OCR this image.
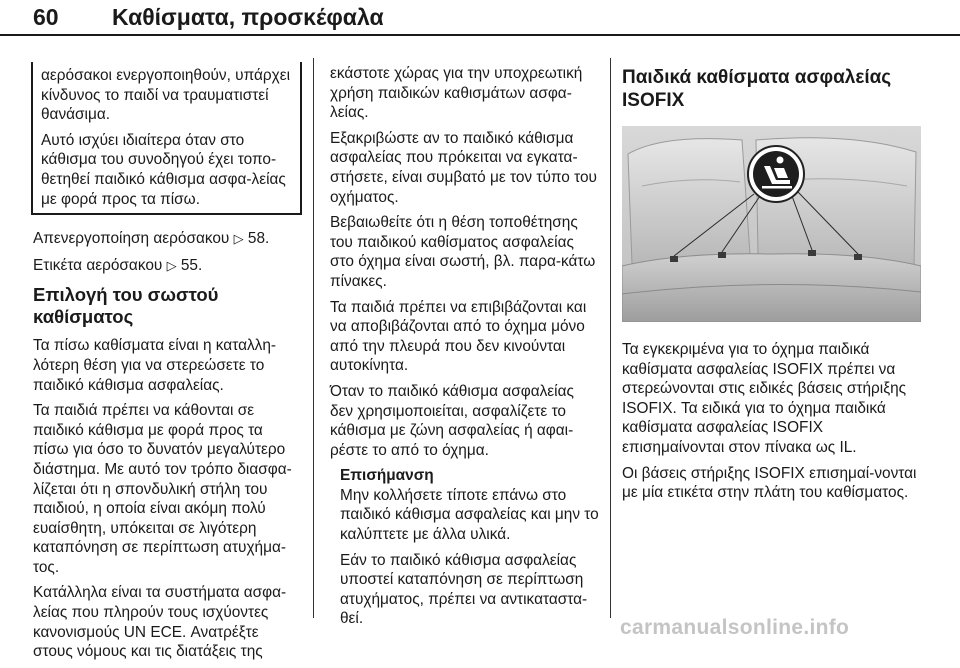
60 Καθίσματα, προσκέφαλα

αερόσακοι ενεργοποιηθούν, υπάρχει κίνδυνος το παιδί να τραυματιστεί θανάσιμα.

Αυτό ισχύει ιδιαίτερα όταν στο κάθισμα του συνοδηγού έχει τοπο-θετηθεί παιδικό κάθισμα ασφα-λείας με φορά προς τα πίσω.

Απενεργοποίηση αερόσακου ▷ 58.

Ετικέτα αερόσακου ▷ 55.

Επιλογή του σωστού καθίσματος

Τα πίσω καθίσματα είναι η καταλλη-λότερη θέση για να στερεώσετε το παιδικό κάθισμα ασφαλείας.

Τα παιδιά πρέπει να κάθονται σε παιδικό κάθισμα με φορά προς τα πίσω για όσο το δυνατόν μεγαλύτερο διάστημα. Με αυτό τον τρόπο διασφα-λίζεται ότι η σπονδυλική στήλη του παιδιού, η οποία είναι ακόμη πολύ ευαίσθητη, υπόκειται σε λιγότερη καταπόνηση σε περίπτωση ατυχήμα-τος.

Κατάλληλα είναι τα συστήματα ασφα-λείας που πληρούν τους ισχύοντες κανονισμούς UN ECE. Ανατρέξτε στους νόμους και τις διατάξεις της

εκάστοτε χώρας για την υποχρεωτική χρήση παιδικών καθισμάτων ασφα-λείας.

Εξακριβώστε αν το παιδικό κάθισμα ασφαλείας που πρόκειται να εγκατα-στήσετε, είναι συμβατό με τον τύπο του οχήματος.

Βεβαιωθείτε ότι η θέση τοποθέτησης του παιδικού καθίσματος ασφαλείας στο όχημα είναι σωστή, βλ. παρα-κάτω πίνακες.

Τα παιδιά πρέπει να επιβιβάζονται και να αποβιβάζονται από το όχημα μόνο από την πλευρά που δεν κινούνται αυτοκίνητα.

Όταν το παιδικό κάθισμα ασφαλείας δεν χρησιμοποιείται, ασφαλίζετε το κάθισμα με ζώνη ασφαλείας ή αφαι-ρέστε το από το όχημα.

Επισήμανση

Μην κολλήσετε τίποτε επάνω στο παιδικό κάθισμα ασφαλείας και μην το καλύπτετε με άλλα υλικά.

Εάν το παιδικό κάθισμα ασφαλείας υποστεί καταπόνηση σε περίπτωση ατυχήματος, πρέπει να αντικαταστα-θεί.

Παιδικά καθίσματα ασφαλείας ISOFIX

Τα εγκεκριμένα για το όχημα παιδικά καθίσματα ασφαλείας ISOFIX πρέπει να στερεώνονται στις ειδικές βάσεις στήριξης ISOFIX. Τα ειδικά για το όχημα παιδικά καθίσματα ασφαλείας ISOFIX επισημαίνονται στον πίνακα ως IL.

Οι βάσεις στήριξης ISOFIX επισημαί-νονται με μία ετικέτα στην πλάτη του καθίσματος.

carmanualsonline.info
